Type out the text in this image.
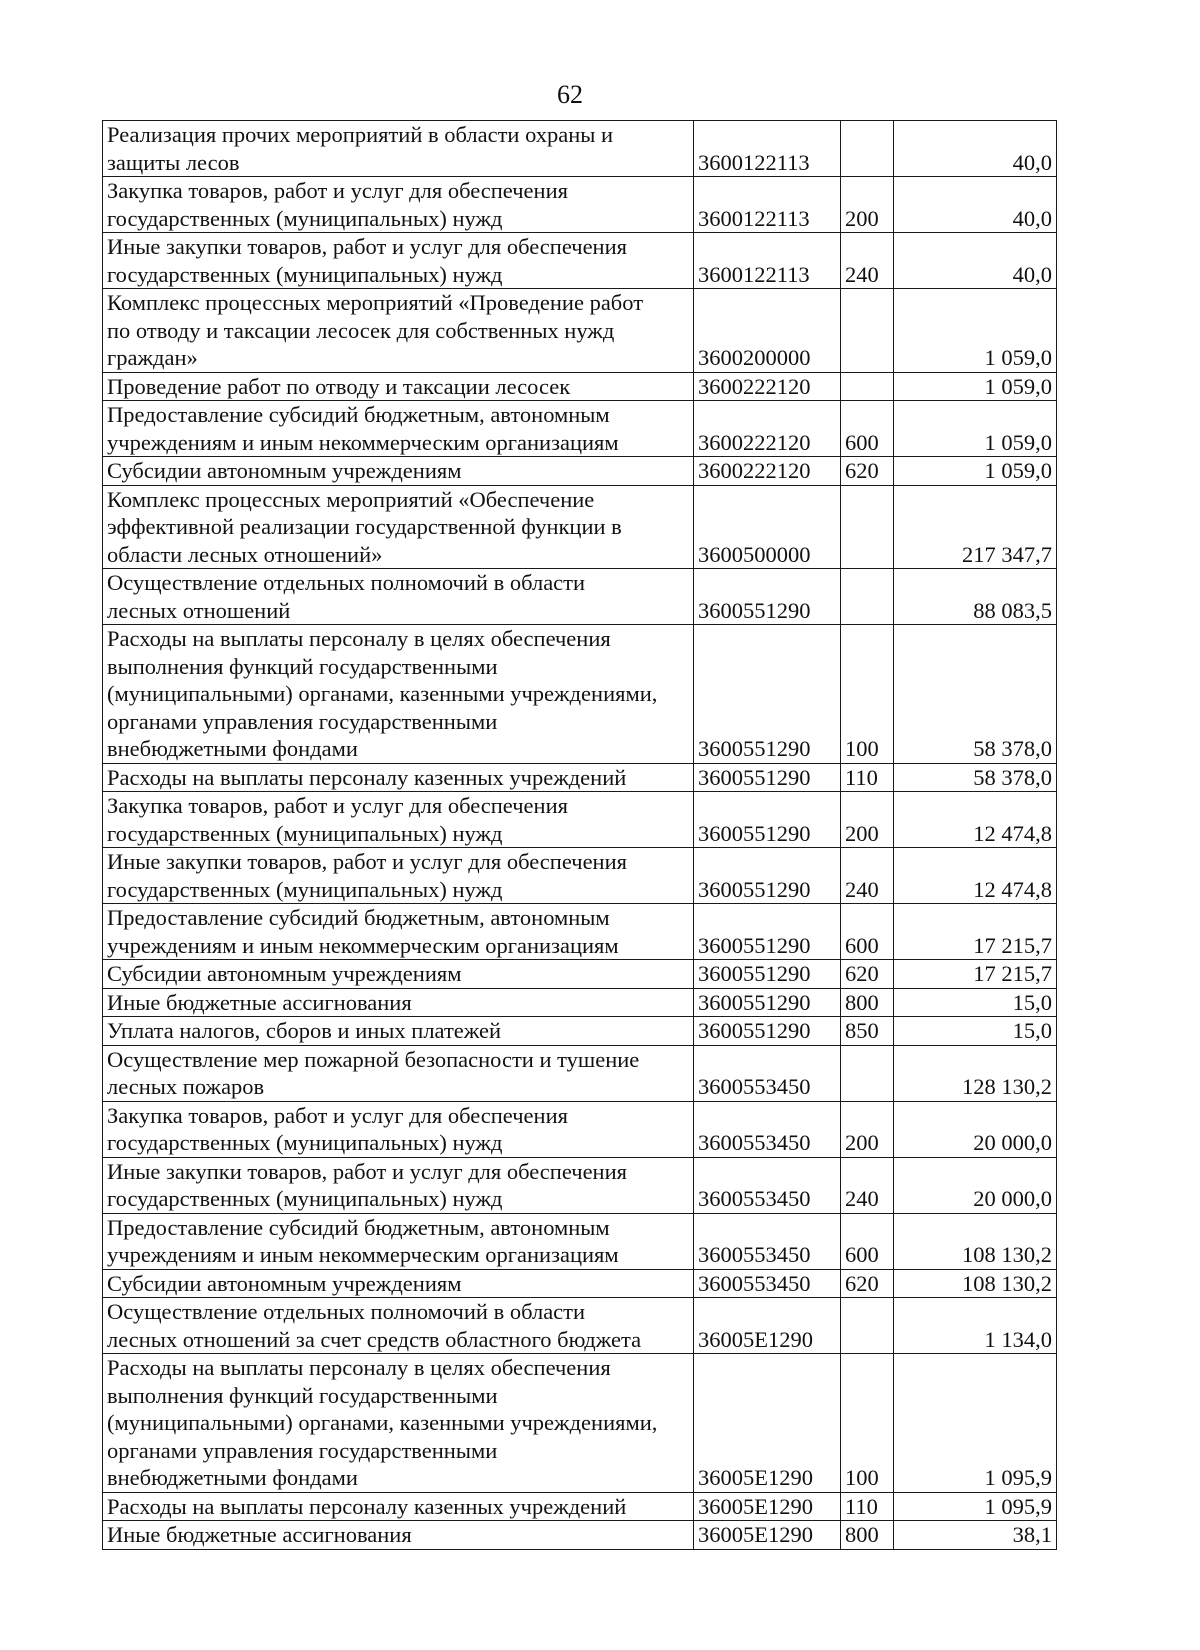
62
Реализация прочих мероприятий в области охраны и
защиты лесов	3600122113		40,0

Закупка товаров, работ и услуг для обеспечения
государственных (муниципальных) нужд	3600122113	200	40,0

Иные закупки товаров, работ и услуг для обеспечения
государственных (муниципальных) нужд	3600122113	240	40,0

Комплекс процессных мероприятий «Проведение работ
по отводу и таксации лесосек для собственных нужд
граждан»	3600200000		1 059,0

Проведение работ по отводу и таксации лесосек	3600222120		1 059,0

Предоставление субсидий бюджетным, автономным
учреждениям и иным некоммерческим организациям	3600222120	600	1 059,0

Субсидии автономным учреждениям	3600222120	620	1 059,0

Комплекс процессных мероприятий «Обеспечение
эффективной реализации государственной функции в
области лесных отношений»	3600500000		217 347,7

Осуществление отдельных полномочий в области
лесных отношений	3600551290		88 083,5

Расходы на выплаты персоналу в целях обеспечения
выполнения функций государственными
(муниципальными) органами, казенными учреждениями,
органами управления государственными
внебюджетными фондами	3600551290	100	58 378,0

Расходы на выплаты персоналу казенных учреждений	3600551290	110	58 378,0

Закупка товаров, работ и услуг для обеспечения
государственных (муниципальных) нужд	3600551290	200	12 474,8

Иные закупки товаров, работ и услуг для обеспечения
государственных (муниципальных) нужд	3600551290	240	12 474,8

Предоставление субсидий бюджетным, автономным
учреждениям и иным некоммерческим организациям	3600551290	600	17 215,7

Субсидии автономным учреждениям	3600551290	620	17 215,7

Иные бюджетные ассигнования	3600551290	800	15,0

Уплата налогов, сборов и иных платежей	3600551290	850	15,0

Осуществление мер пожарной безопасности и тушение
лесных пожаров	3600553450		128 130,2

Закупка товаров, работ и услуг для обеспечения
государственных (муниципальных) нужд	3600553450	200	20 000,0

Иные закупки товаров, работ и услуг для обеспечения
государственных (муниципальных) нужд	3600553450	240	20 000,0

Предоставление субсидий бюджетным, автономным
учреждениям и иным некоммерческим организациям	3600553450	600	108 130,2

Субсидии автономным учреждениям	3600553450	620	108 130,2

Осуществление отдельных полномочий в области
лесных отношений за счет средств областного бюджета	36005Е1290		1 134,0

Расходы на выплаты персоналу в целях обеспечения
выполнения функций государственными
(муниципальными) органами, казенными учреждениями,
органами управления государственными
внебюджетными фондами	36005Е1290	100	1 095,9

Расходы на выплаты персоналу казенных учреждений	36005Е1290	110	1 095,9

Иные бюджетные ассигнования	36005Е1290	800	38,1
